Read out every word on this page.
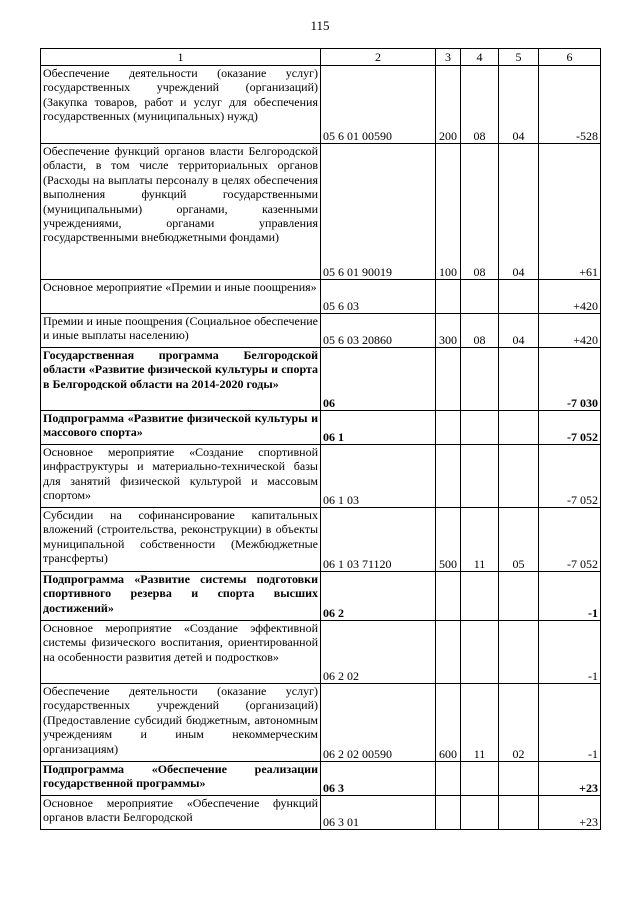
115
1	2	3	4	5	6
Обеспечение деятельности (оказание услуг) государственных учреждений (организаций) (Закупка товаров, работ и услуг для обеспечения государственных (муниципальных) нужд)	05 6 01 00590	200	08	04	-528
Обеспечение функций органов власти Белгородской области, в том числе территориальных органов (Расходы на выплаты персоналу в целях обеспечения выполнения функций государственными (муниципальными) органами, казенными учреждениями, органами управления государственными внебюджетными фондами)	05 6 01 90019	100	08	04	+61
Основное мероприятие «Премии и иные поощрения»	05 6 03				+420
Премии и иные поощрения (Социальное обеспечение и иные выплаты населению)	05 6 03 20860	300	08	04	+420
Государственная программа Белгородской области «Развитие физической культуры и спорта в Белгородской области на 2014-2020 годы»	06				-7 030
Подпрограмма «Развитие физической культуры и массового спорта»	06 1				-7 052
Основное мероприятие «Создание спортивной инфраструктуры и материально-технической базы для занятий физической культурой и массовым спортом»	06 1 03				-7 052
Субсидии на софинансирование капитальных вложений (строительства, реконструкции) в объекты муниципальной собственности (Межбюджетные трансферты)	06 1 03 71120	500	11	05	-7 052
Подпрограмма «Развитие системы подготовки спортивного резерва и спорта высших достижений»	06 2				-1
Основное мероприятие «Создание эффективной системы физического воспитания, ориентированной на особенности развития детей и подростков»	06 2 02				-1
Обеспечение деятельности (оказание услуг) государственных учреждений (организаций) (Предоставление субсидий бюджетным, автономным учреждениям и иным некоммерческим организациям)	06 2 02 00590	600	11	02	-1
Подпрограмма «Обеспечение реализации государственной программы»	06 3				+23
Основное мероприятие «Обеспечение функций органов власти Белгородской	06 3 01				+23
